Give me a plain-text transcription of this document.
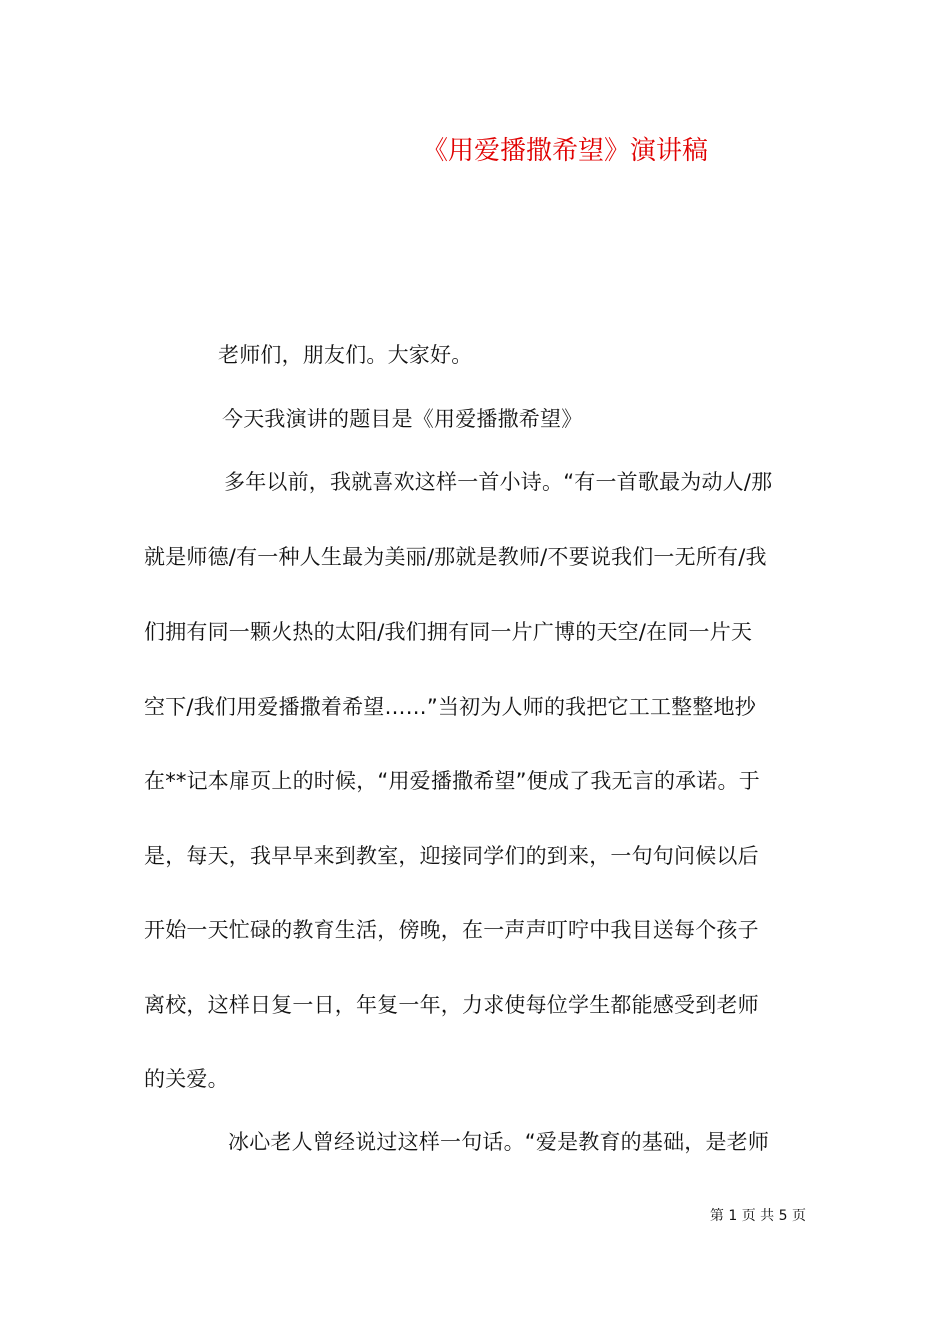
《用爱播撒希望》演讲稿
老师们，朋友们。大家好。
今天我演讲的题目是《用爱播撒希望》
多年以前，我就喜欢这样一首小诗。“有一首歌最为动人/那
就是师德/有一种人生最为美丽/那就是教师/不要说我们一无所有/我
们拥有同一颗火热的太阳/我们拥有同一片广博的天空/在同一片天
空下/我们用爱播撒着希望……”当初为人师的我把它工工整整地抄
在**记本扉页上的时候，“用爱播撒希望”便成了我无言的承诺。于
是，每天，我早早来到教室，迎接同学们的到来，一句句问候以后
开始一天忙碌的教育生活，傍晚，在一声声叮咛中我目送每个孩子
离校，这样日复一日，年复一年，力求使每位学生都能感受到老师
的关爱。
冰心老人曾经说过这样一句话。“爱是教育的基础，是老师
第 1 页 共 5 页
